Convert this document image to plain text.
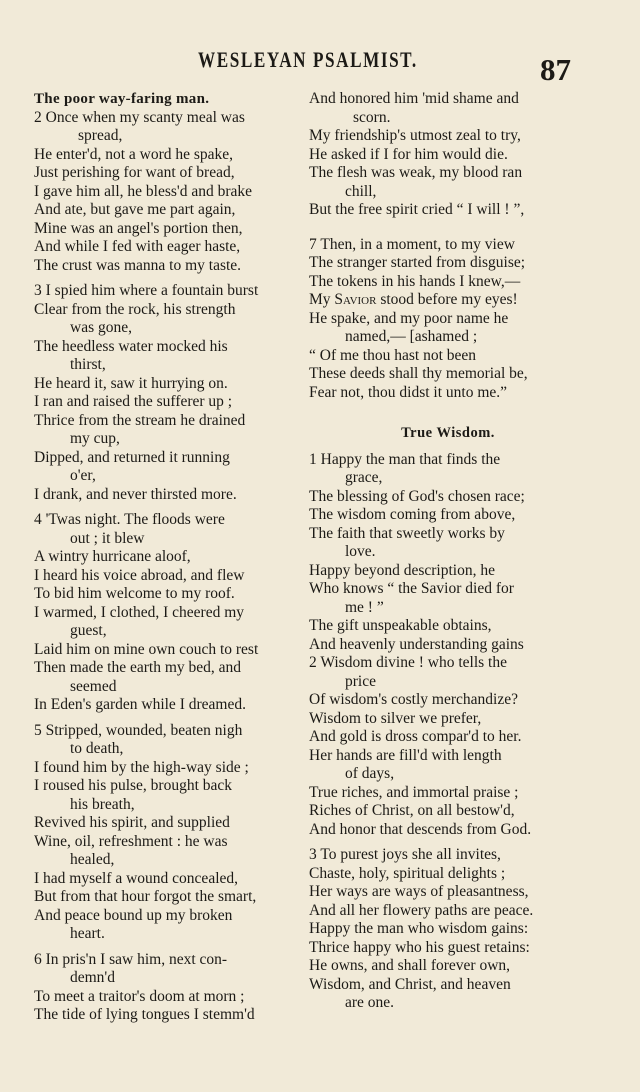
WESLEYAN PSALMIST.	87
The poor way-faring man.
2 Once when my scanty meal was
spread,
He enter'd, not a word he spake,
Just perishing for want of bread,
I gave him all, he bless'd and brake
And ate, but gave me part again,
Mine was an angel's portion then,
And while I fed with eager haste,
The crust was manna to my taste.
3 I spied him where a fountain burst
Clear from the rock, his strength
was gone,
The heedless water mocked his
thirst,
He heard it, saw it hurrying on.
I ran and raised the sufferer up ;
Thrice from the stream he drained
my cup,
Dipped, and returned it running
o'er,
I drank, and never thirsted more.
4 'Twas night. The floods were
out ; it blew
A wintry hurricane aloof,
I heard his voice abroad, and flew
To bid him welcome to my roof.
I warmed, I clothed, I cheered my
guest,
Laid him on mine own couch to rest
Then made the earth my bed, and
seemed
In Eden's garden while I dreamed.
5 Stripped, wounded, beaten nigh
to death,
I found him by the high-way side ;
I roused his pulse, brought back
his breath,
Revived his spirit, and supplied
Wine, oil, refreshment : he was
healed,
I had myself a wound concealed,
But from that hour forgot the smart,
And peace bound up my broken
heart.
6 In pris'n I saw him, next con-
demn'd
To meet a traitor's doom at morn ;
The tide of lying tongues I stemm'd
And honored him 'mid shame and
scorn.
My friendship's utmost zeal to try,
He asked if I for him would die.
The flesh was weak, my blood ran
chill,
But the free spirit cried “ I will ! ”,
7 Then, in a moment, to my view
The stranger started from disguise;
The tokens in his hands I knew,—
My Savior stood before my eyes!
He spake, and my poor name he
named,— [ashamed ;
“ Of me thou hast not been
These deeds shall thy memorial be,
Fear not, thou didst it unto me.”
True Wisdom.
1 Happy the man that finds the
grace,
The blessing of God's chosen race;
The wisdom coming from above,
The faith that sweetly works by
love.
Happy beyond description, he
Who knows “ the Savior died for
me ! ”
The gift unspeakable obtains,
And heavenly understanding gains
2 Wisdom divine ! who tells the
price
Of wisdom's costly merchandize?
Wisdom to silver we prefer,
And gold is dross compar'd to her.
Her hands are fill'd with length
of days,
True riches, and immortal praise ;
Riches of Christ, on all bestow'd,
And honor that descends from God.
3 To purest joys she all invites,
Chaste, holy, spiritual delights ;
Her ways are ways of pleasantness,
And all her flowery paths are peace.
Happy the man who wisdom gains:
Thrice happy who his guest retains:
He owns, and shall forever own,
Wisdom, and Christ, and heaven
are one.
